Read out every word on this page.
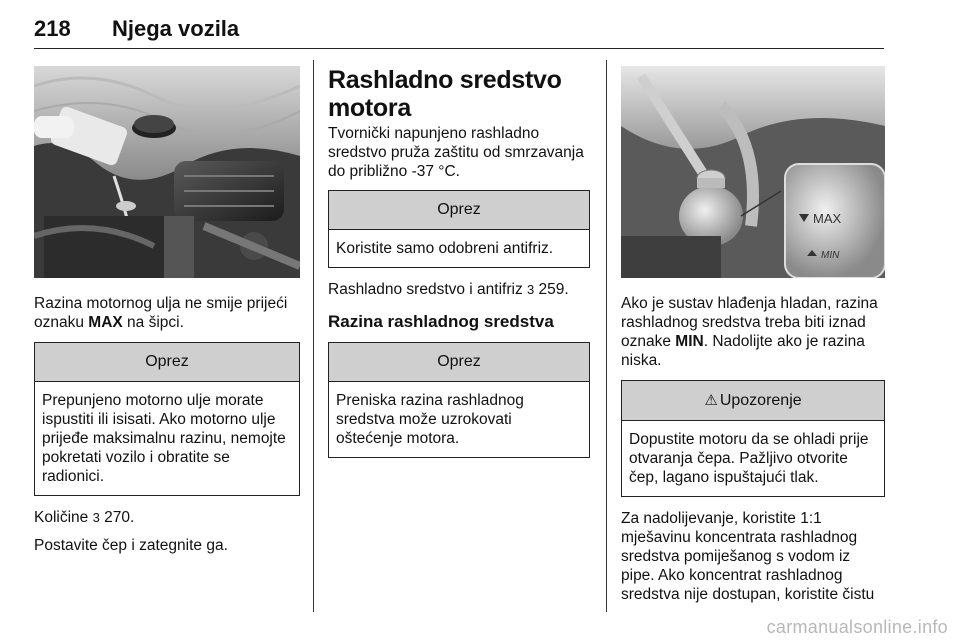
218 Njega vozila

Razina motornog ulja ne smije prijeći oznaku MAX na šipci.

Oprez
Prepunjeno motorno ulje morate ispustiti ili isisati. Ako motorno ulje prijeđe maksimalnu razinu, nemojte pokretati vozilo i obratite se radionici.

Količine 3 270.

Postavite čep i zategnite ga.

Rashladno sredstvo motora

Tvornički napunjeno rashladno sredstvo pruža zaštitu od smrzavanja do približno -37 °C.

Oprez
Koristite samo odobreni antifriz.

Rashladno sredstvo i antifriz 3 259.

Razina rashladnog sredstva
Oprez
Preniska razina rashladnog sredstva može uzrokovati oštećenje motora.
MAX
MIN

Ako je sustav hlađenja hladan, razina rashladnog sredstva treba biti iznad oznake MIN. Nadolijte ako je razina niska.

⚠ Upozorenje
Dopustite motoru da se ohladi prije otvaranja čepa. Pažljivo otvorite čep, lagano ispuštajući tlak.

Za nadolijevanje, koristite 1:1 mješavinu koncentrata rashladnog sredstva pomiješanog s vodom iz pipe. Ako koncentrat rashladnog sredstva nije dostupan, koristite čistu

carmanualsonline.info
